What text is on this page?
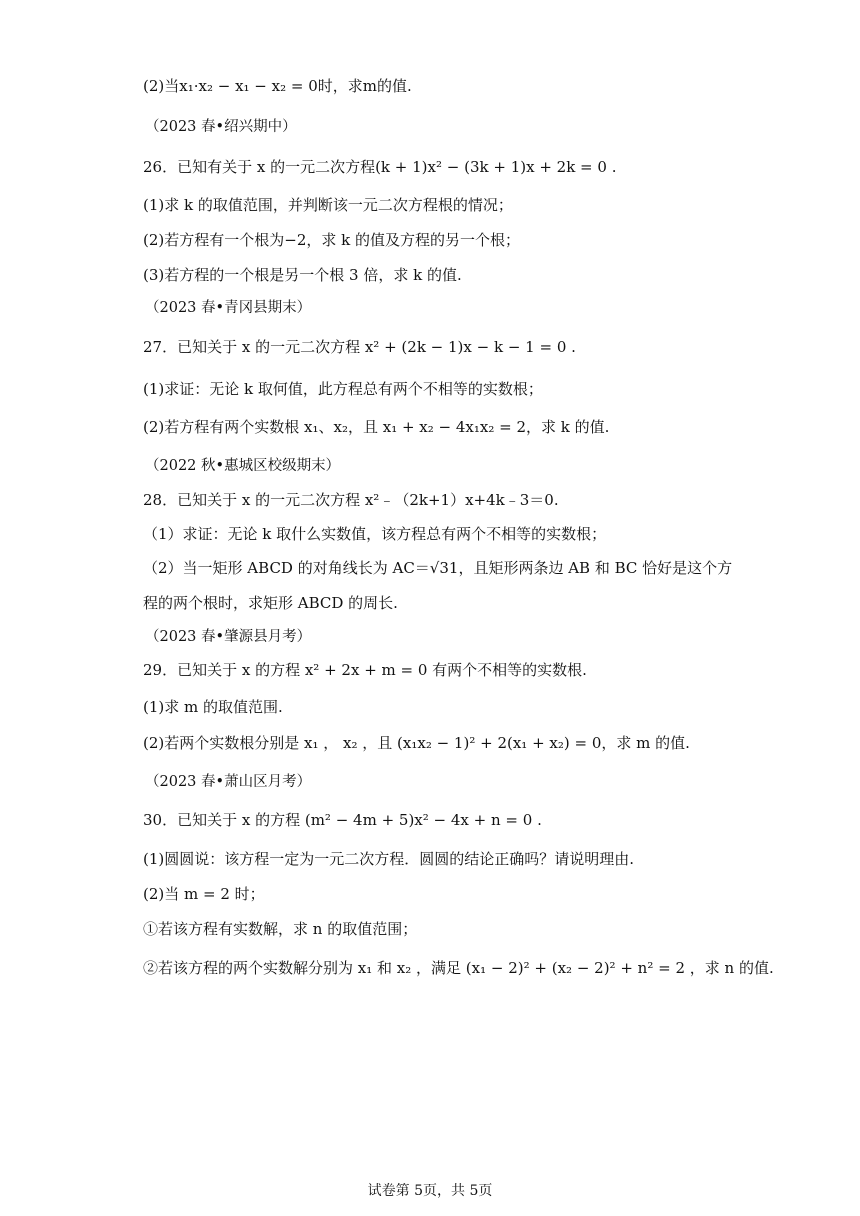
(2)当x₁·x₂ − x₁ − x₂ = 0时，求m的值.
（2023 春•绍兴期中）
26．已知有关于 x 的一元二次方程(k + 1)x² − (3k + 1)x + 2k = 0 .
(1)求 k 的取值范围，并判断该一元二次方程根的情况；
(2)若方程有一个根为−2，求 k 的值及方程的另一个根；
(3)若方程的一个根是另一个根 3 倍，求 k 的值.
（2023 春•青冈县期末）
27．已知关于 x 的一元二次方程 x² + (2k − 1)x − k − 1 = 0 .
(1)求证：无论 k 取何值，此方程总有两个不相等的实数根；
(2)若方程有两个实数根 x₁、x₂，且 x₁ + x₂ − 4x₁x₂ = 2，求 k 的值.
（2022 秋•惠城区校级期末）
28．已知关于 x 的一元二次方程 x²﹣（2k+1）x+4k﹣3＝0.
（1）求证：无论 k 取什么实数值，该方程总有两个不相等的实数根；
（2）当一矩形 ABCD 的对角线长为 AC＝√31，且矩形两条边 AB 和 BC 恰好是这个方
程的两个根时，求矩形 ABCD 的周长.
（2023 春•肇源县月考）
29．已知关于 x 的方程 x² + 2x + m = 0 有两个不相等的实数根.
(1)求 m 的取值范围.
(2)若两个实数根分别是 x₁ ， x₂ ，且 (x₁x₂ − 1)² + 2(x₁ + x₂) = 0，求 m 的值.
（2023 春•萧山区月考）
30．已知关于 x 的方程 (m² − 4m + 5)x² − 4x + n = 0 .
(1)圆圆说：该方程一定为一元二次方程．圆圆的结论正确吗？请说明理由.
(2)当 m = 2 时；
①若该方程有实数解，求 n 的取值范围；
②若该方程的两个实数解分别为 x₁ 和 x₂ ，满足 (x₁ − 2)² + (x₂ − 2)² + n² = 2 ，求 n 的值.
试卷第 5页，共 5页
